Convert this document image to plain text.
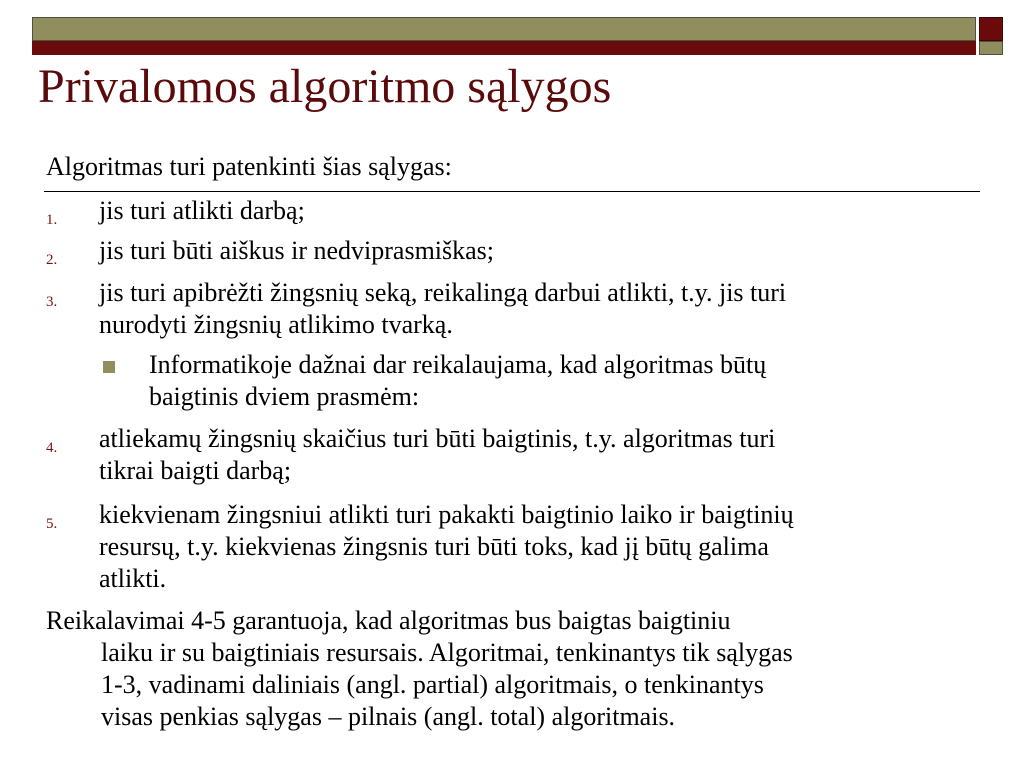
Privalomos algoritmo sąlygos
Algoritmas turi patenkinti šias sąlygas:
1. jis turi atlikti darbą;
2. jis turi būti aiškus ir nedviprasmiškas;
3. jis turi apibrėžti žingsnių seką, reikalingą darbui atlikti, t.y. jis turi
nurodyti žingsnių atlikimo tvarką.
Informatikoje dažnai dar reikalaujama, kad algoritmas būtų
baigtinis dviem prasmėm:
4. atliekamų žingsnių skaičius turi būti baigtinis, t.y. algoritmas turi
tikrai baigti darbą;
5. kiekvienam žingsniui atlikti turi pakakti baigtinio laiko ir baigtinių
resursų, t.y. kiekvienas žingsnis turi būti toks, kad jį būtų galima
atlikti.
Reikalavimai 4-5 garantuoja, kad algoritmas bus baigtas baigtiniu
laiku ir su baigtiniais resursais. Algoritmai, tenkinantys tik sąlygas
1-3, vadinami daliniais (angl. partial) algoritmais, o tenkinantys
visas penkias sąlygas – pilnais (angl. total) algoritmais.
